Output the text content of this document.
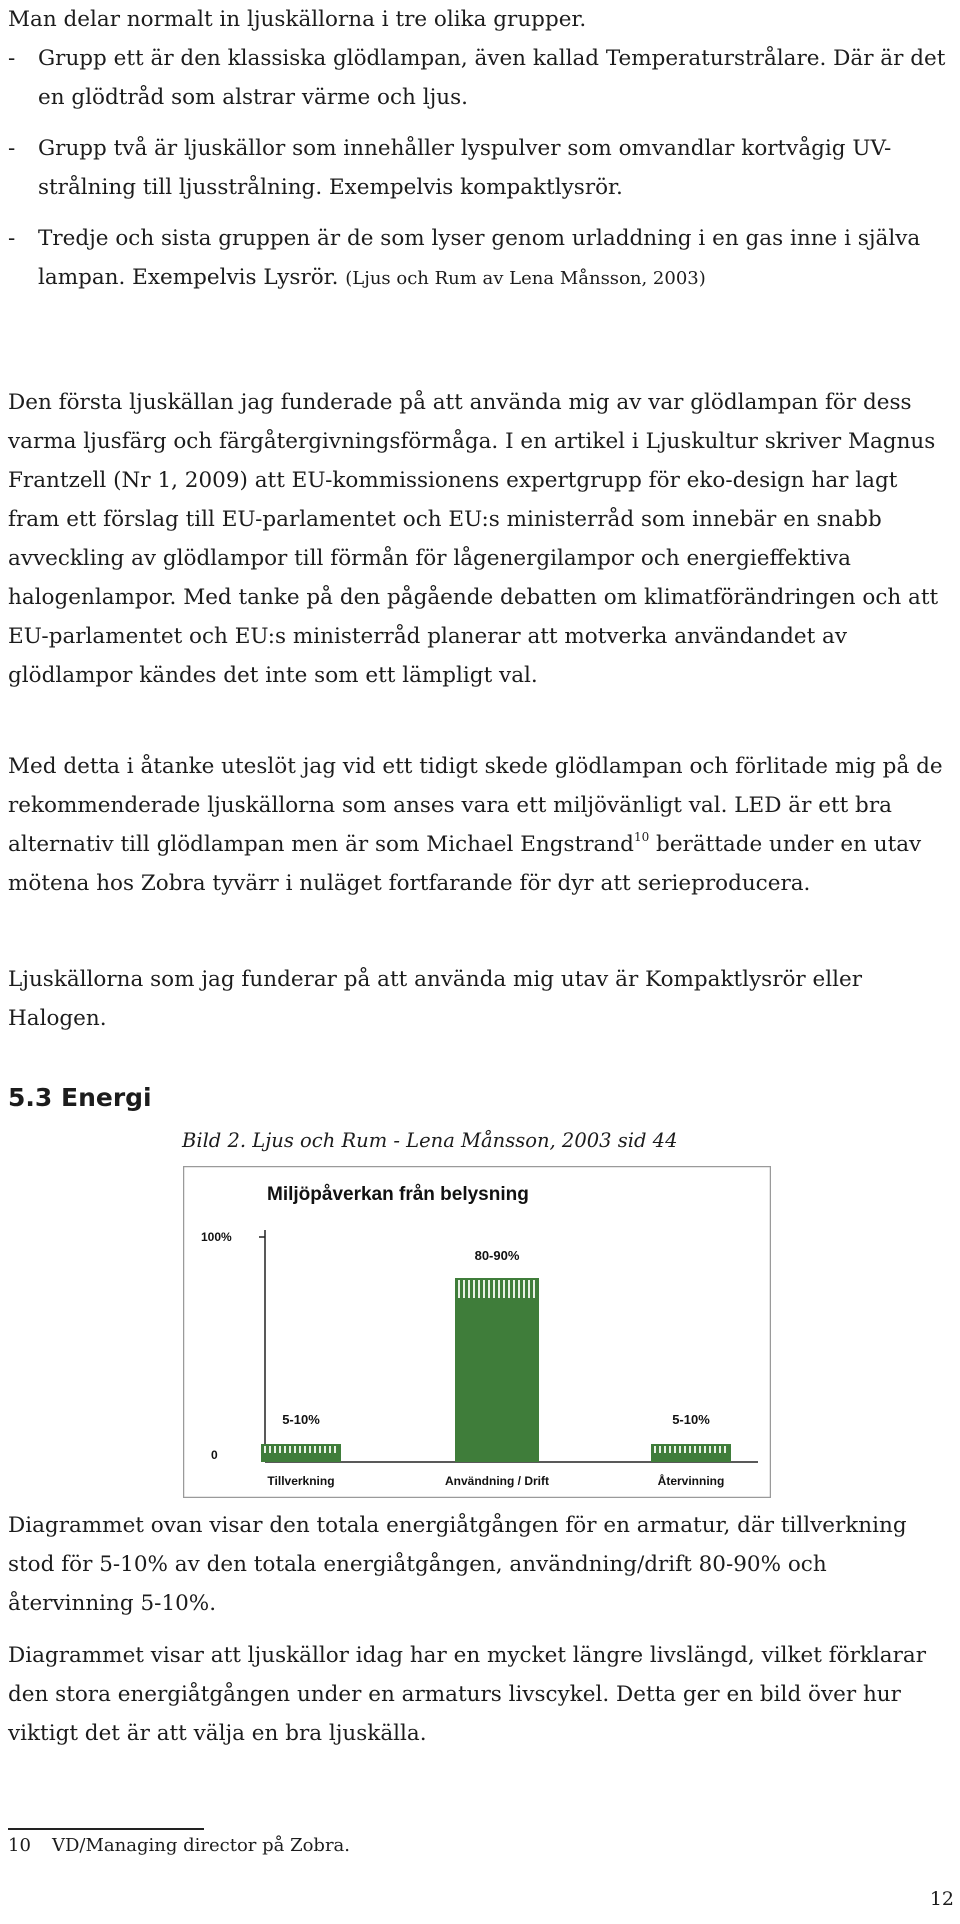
Man delar normalt in ljuskällorna i tre olika grupper.

- Grupp ett är den klassiska glödlampan, även kallad Temperaturstrålare. Där är det en glödtråd som alstrar värme och ljus.
- Grupp två är ljuskällor som innehåller lyspulver som omvandlar kortvågig UV-strålning till ljusstrålning. Exempelvis kompaktlysrör.
- Tredje och sista gruppen är de som lyser genom urladdning i en gas inne i själva lampan. Exempelvis Lysrör. (Ljus och Rum av Lena Månsson, 2003)

Den första ljuskällan jag funderade på att använda mig av var glödlampan för dess varma ljusfärg och färgåtergivningsförmåga. I en artikel i Ljuskultur skriver Magnus Frantzell (Nr 1, 2009) att EU-kommissionens expertgrupp för eko-design har lagt fram ett förslag till EU-parlamentet och EU:s ministerråd som innebär en snabb avveckling av glödlampor till förmån för lågenergilampor och energieffektiva halogenlampor. Med tanke på den pågående debatten om klimatförändringen och att EU-parlamentet och EU:s ministerråd planerar att motverka användandet av glödlampor kändes det inte som ett lämpligt val.

Med detta i åtanke uteslöt jag vid ett tidigt skede glödlampan och förlitade mig på de rekommenderade ljuskällorna som anses vara ett miljövänligt val. LED är ett bra alternativ till glödlampan men är som Michael Engstrand$^{10}$ berättade under en utav mötena hos Zobra tyvärr i nuläget fortfarande för dyr att serieproducera.

Ljuskällorna som jag funderar på att använda mig utav är Kompaktlysrör eller Halogen.

5.3 Energi

Bild 2. Ljus och Rum - Lena Månsson, 2003 sid 44

Miljöpåverkan från belysning
100%
0
5-10%
Tillverkning
80-90%
Användning / Drift
5-10%
Återvinning

Diagrammet ovan visar den totala energiåtgången för en armatur, där tillverkning stod för 5-10% av den totala energiåtgången, användning/drift 80-90% och återvinning 5-10%.

Diagrammet visar att ljuskällor idag har en mycket längre livslängd, vilket förklarar den stora energiåtgången under en armaturs livscykel. Detta ger en bild över hur viktigt det är att välja en bra ljuskälla.

10 VD/Managing director på Zobra.

12
